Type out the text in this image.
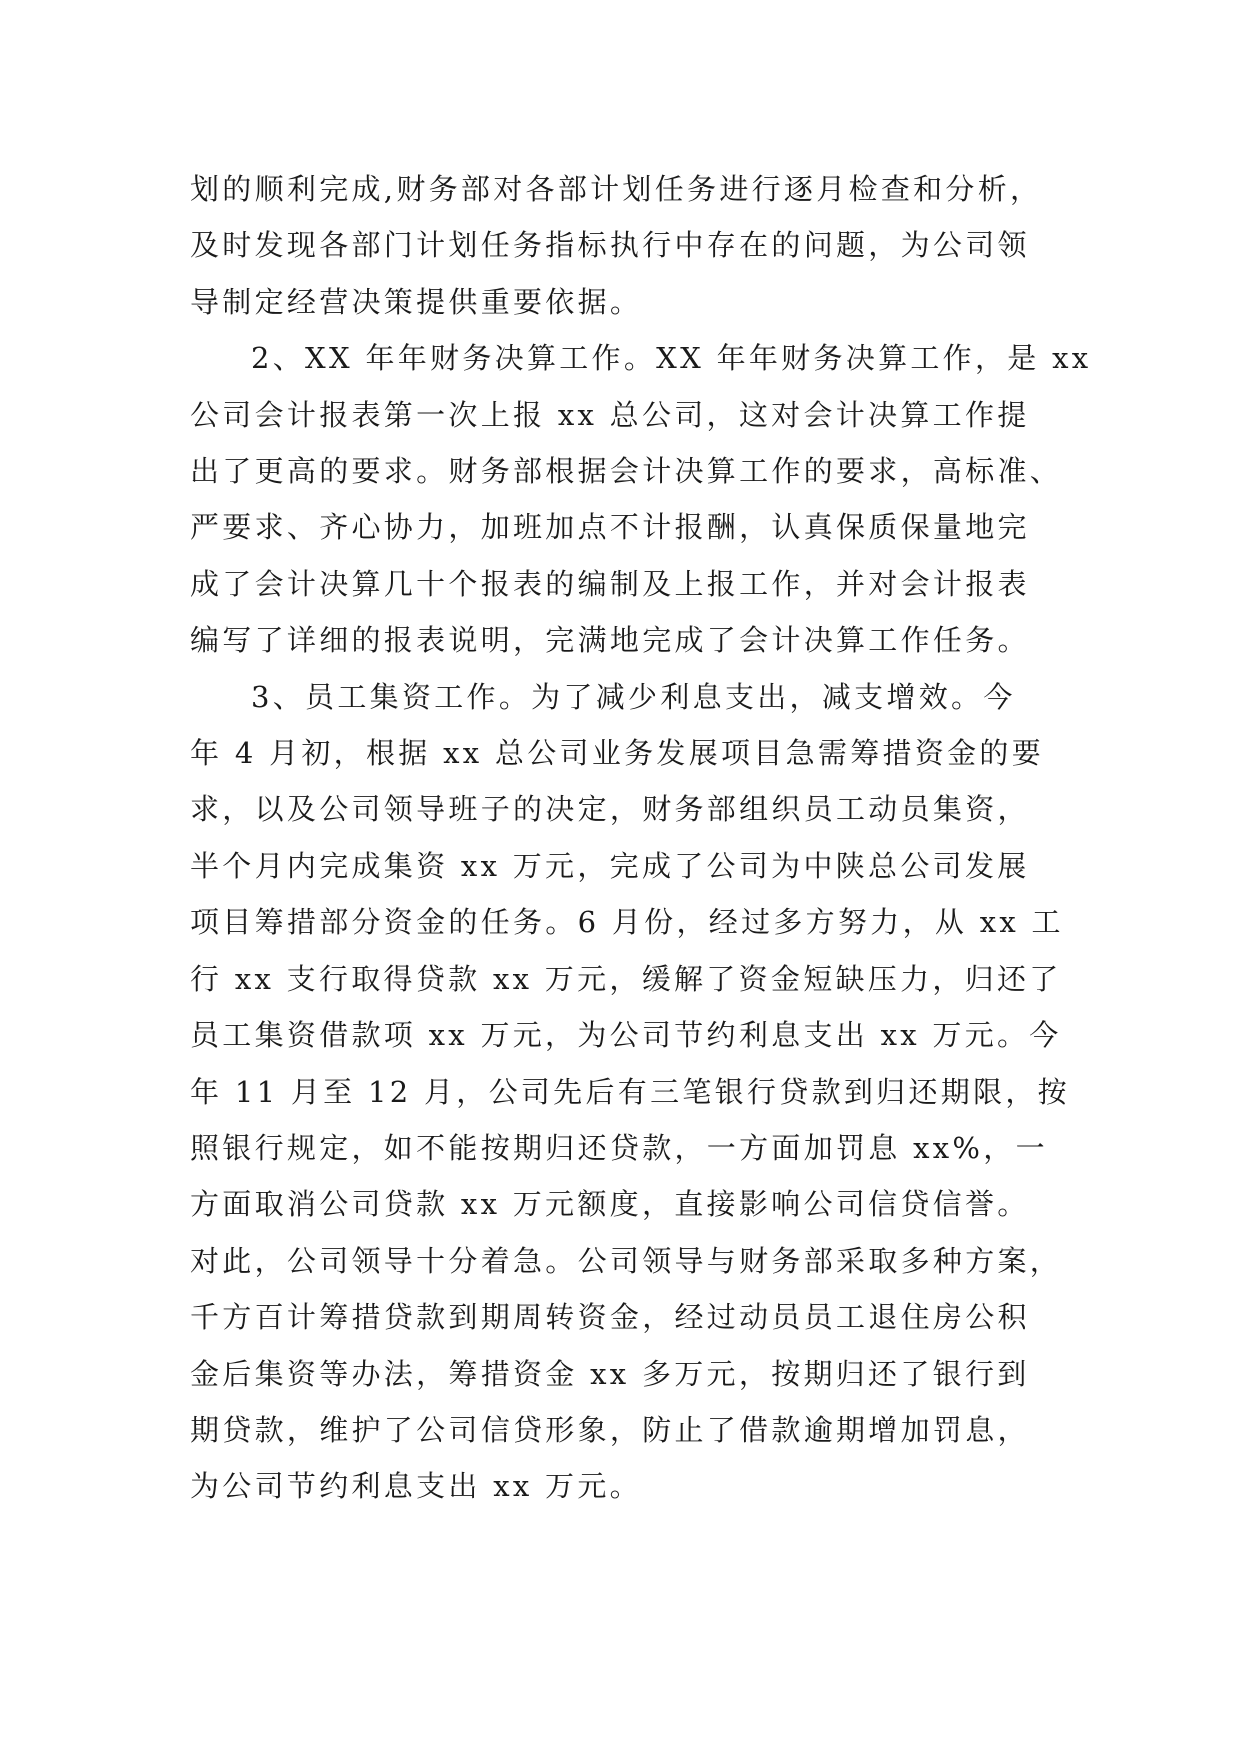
划的顺利完成,财务部对各部计划任务进行逐月检查和分析，
及时发现各部门计划任务指标执行中存在的问题，为公司领
导制定经营决策提供重要依据。

2、XX 年年财务决算工作。XX 年年财务决算工作，是 xx
公司会计报表第一次上报 xx 总公司，这对会计决算工作提
出了更高的要求。财务部根据会计决算工作的要求，高标准、
严要求、齐心协力，加班加点不计报酬，认真保质保量地完
成了会计决算几十个报表的编制及上报工作，并对会计报表
编写了详细的报表说明，完满地完成了会计决算工作任务。

3、员工集资工作。为了减少利息支出，减支增效。今
年 4 月初，根据 xx 总公司业务发展项目急需筹措资金的要
求，以及公司领导班子的决定，财务部组织员工动员集资，
半个月内完成集资 xx 万元，完成了公司为中陕总公司发展
项目筹措部分资金的任务。6 月份，经过多方努力，从 xx 工
行 xx 支行取得贷款 xx 万元，缓解了资金短缺压力，归还了
员工集资借款项 xx 万元，为公司节约利息支出 xx 万元。今
年 11 月至 12 月，公司先后有三笔银行贷款到归还期限，按
照银行规定，如不能按期归还贷款，一方面加罚息 xx%，一
方面取消公司贷款 xx 万元额度，直接影响公司信贷信誉。
对此，公司领导十分着急。公司领导与财务部采取多种方案，
千方百计筹措贷款到期周转资金，经过动员员工退住房公积
金后集资等办法，筹措资金 xx 多万元，按期归还了银行到
期贷款，维护了公司信贷形象，防止了借款逾期增加罚息，
为公司节约利息支出 xx 万元。
